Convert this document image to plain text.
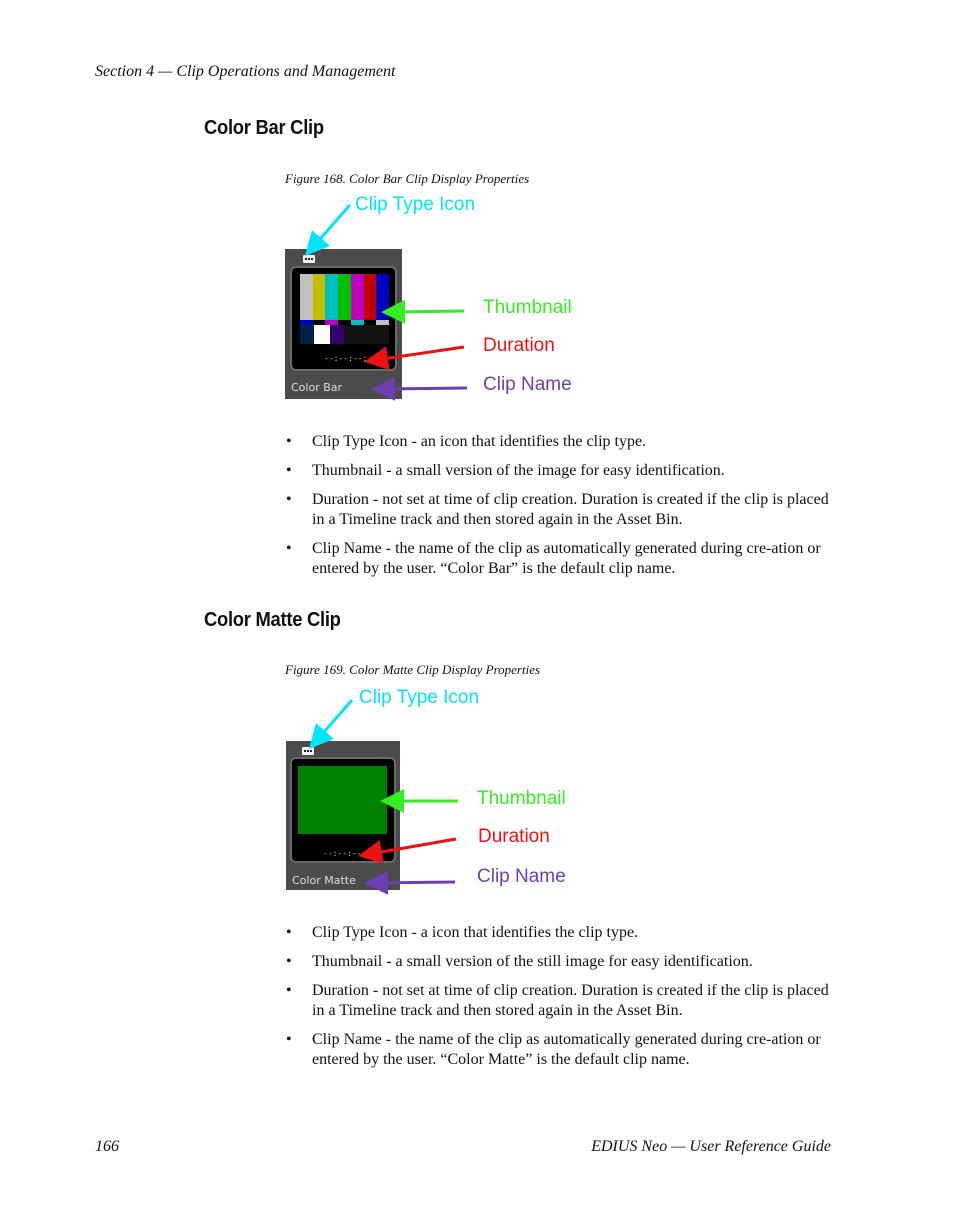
Section 4 — Clip Operations and Management
Color Bar Clip
Figure 168. Color Bar Clip Display Properties
--:--:--;--
Color Bar
Clip Type Icon
Thumbnail
Duration
Clip Name
• Clip Type Icon - an icon that identifies the clip type.
• Thumbnail - a small version of the image for easy identification.
• Duration - not set at time of clip creation. Duration is created if the clip is placed in a Timeline track and then stored again in the Asset Bin.
• Clip Name - the name of the clip as automatically generated during cre-ation or entered by the user. “Color Bar” is the default clip name.
Color Matte Clip
Figure 169. Color Matte Clip Display Properties
--:--:--;--
Color Matte
Clip Type Icon
Thumbnail
Duration
Clip Name
• Clip Type Icon - a icon that identifies the clip type.
• Thumbnail - a small version of the still image for easy identification.
• Duration - not set at time of clip creation. Duration is created if the clip is placed in a Timeline track and then stored again in the Asset Bin.
• Clip Name - the name of the clip as automatically generated during cre-ation or entered by the user. “Color Matte” is the default clip name.
166	EDIUS Neo — User Reference Guide
